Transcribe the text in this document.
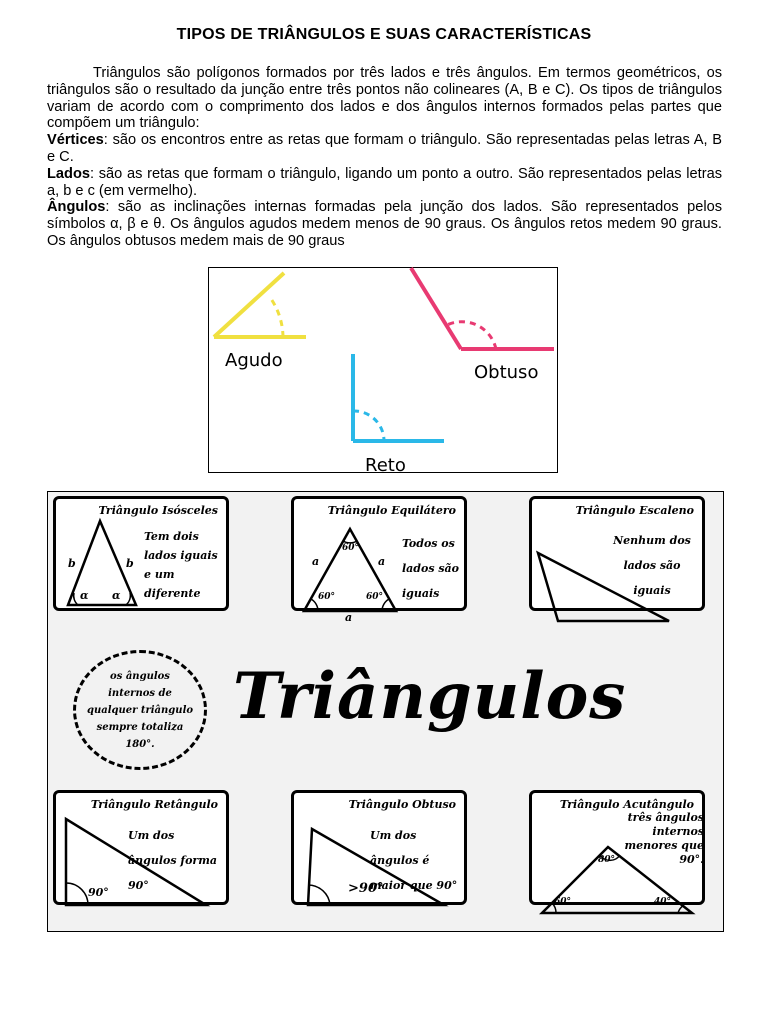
TIPOS DE TRIÂNGULOS E SUAS CARACTERÍSTICAS

Triângulos são polígonos formados por três lados e três ângulos. Em termos geométricos, os triângulos são o resultado da junção entre três pontos não colineares (A, B e C). Os tipos de triângulos variam de acordo com o comprimento dos lados e dos ângulos internos formados pelas partes que compõem um triângulo:

Vértices: são os encontros entre as retas que formam o triângulo. São representadas pelas letras A, B e C.

Lados: são as retas que formam o triângulo, ligando um ponto a outro. São representados pelas letras a, b e c (em vermelho).

Ângulos: são as inclinações internas formadas pela junção dos lados. São representados pelos símbolos α, β e θ. Os ângulos agudos medem menos de 90 graus. Os ângulos retos medem 90 graus. Os ângulos obtusos medem mais de 90 graus

Agudo
Obtuso
Reto
Triângulo Isósceles
Tem dois lados iguais e um diferente
b	b
α α
Triângulo Equilátero
Todos os lados são iguais
a	a
a
60°
60°	60°
Triângulo Escaleno
Nenhum dos lados são iguais
os ângulos internos de qualquer triângulo sempre totaliza 180°.
Triângulos
Triângulo Retângulo
Um dos ângulos forma 90°
90°
Triângulo Obtuso
Um dos ângulos é maior que 90°
>90°
Triângulo Acutângulo
três ângulos internos menores que 90°.
80°
60°	40°
